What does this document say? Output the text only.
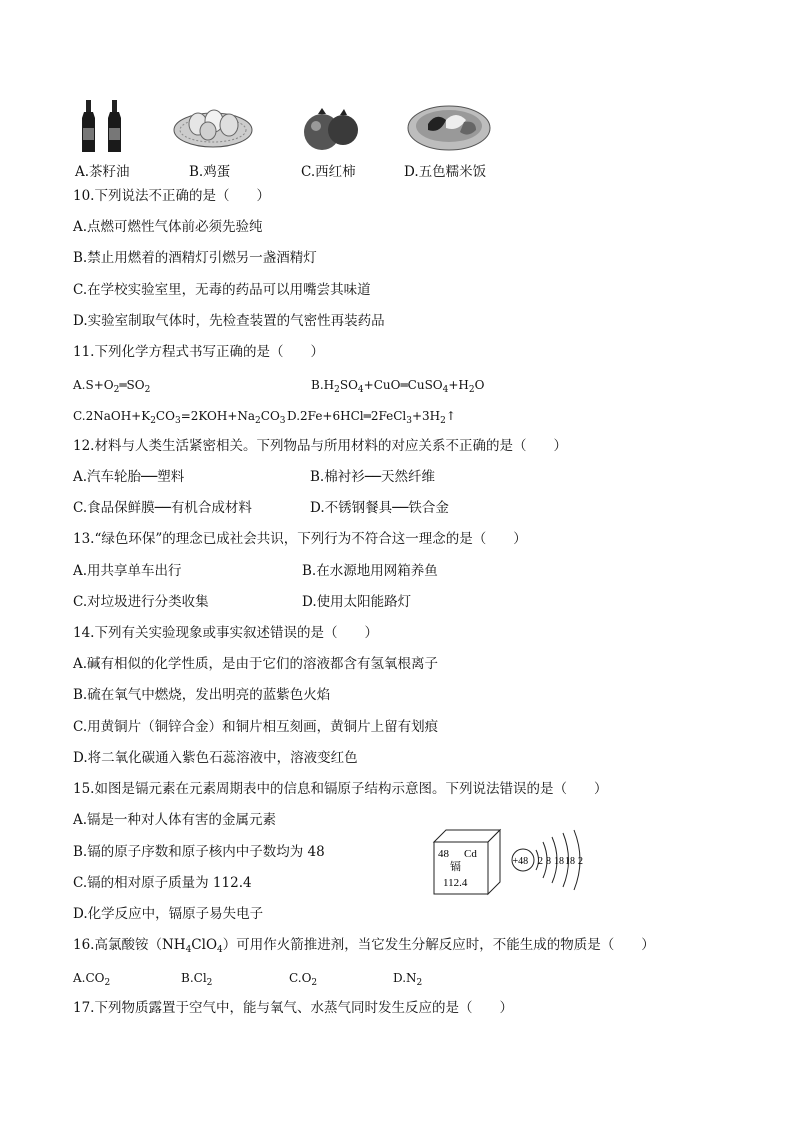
A.茶籽油	B.鸡蛋	C.西红柿	D.五色糯米饭
10.下列说法不正确的是（　　）
A.点燃可燃性气体前必须先验纯
B.禁止用燃着的酒精灯引燃另一盏酒精灯
C.在学校实验室里，无毒的药品可以用嘴尝其味道
D.实验室制取气体时，先检查装置的气密性再装药品
11.下列化学方程式书写正确的是（　　）
$A.S+O_2═SO_2$	$B.H_2SO_4+CuO═CuSO_4+H_2O$
$C.2NaOH+K_2CO_3=2KOH+Na_2CO_3$ $D.2Fe+6HCl═2FeCl_3+3H_2↑$
12.材料与人类生活紧密相关。下列物品与所用材料的对应关系不正确的是（　　）
A.汽车轮胎──塑料	B.棉衬衫──天然纤维
C.食品保鲜膜──有机合成材料	D.不锈钢餐具──铁合金
13.“绿色环保”的理念已成社会共识，下列行为不符合这一理念的是（　　）
A.用共享单车出行	B.在水源地用网箱养鱼
C.对垃圾进行分类收集	D.使用太阳能路灯
14.下列有关实验现象或事实叙述错误的是（　　）
A.碱有相似的化学性质，是由于它们的溶液都含有氢氧根离子
B.硫在氧气中燃烧，发出明亮的蓝紫色火焰
C.用黄铜片（铜锌合金）和铜片相互刻画，黄铜片上留有划痕
D.将二氧化碳通入紫色石蕊溶液中，溶液变红色
15.如图是镉元素在元素周期表中的信息和镉原子结构示意图。下列说法错误的是（　　）
A.镉是一种对人体有害的金属元素
B.镉的原子序数和原子核内中子数均为 48
C.镉的相对原子质量为 112.4
D.化学反应中，镉原子易失电子
48 Cd
镉
112.4
+48 2 8 18 18 2
16.高氯酸铵$(NH_4ClO_4)$可用作火箭推进剂，当它发生分解反应时，不能生成的物质是（　　）
$A.CO_2$	$B.Cl_2$	$C.O_2$	$D.N_2$
17.下列物质露置于空气中，能与氧气、水蒸气同时发生反应的是（　　）
